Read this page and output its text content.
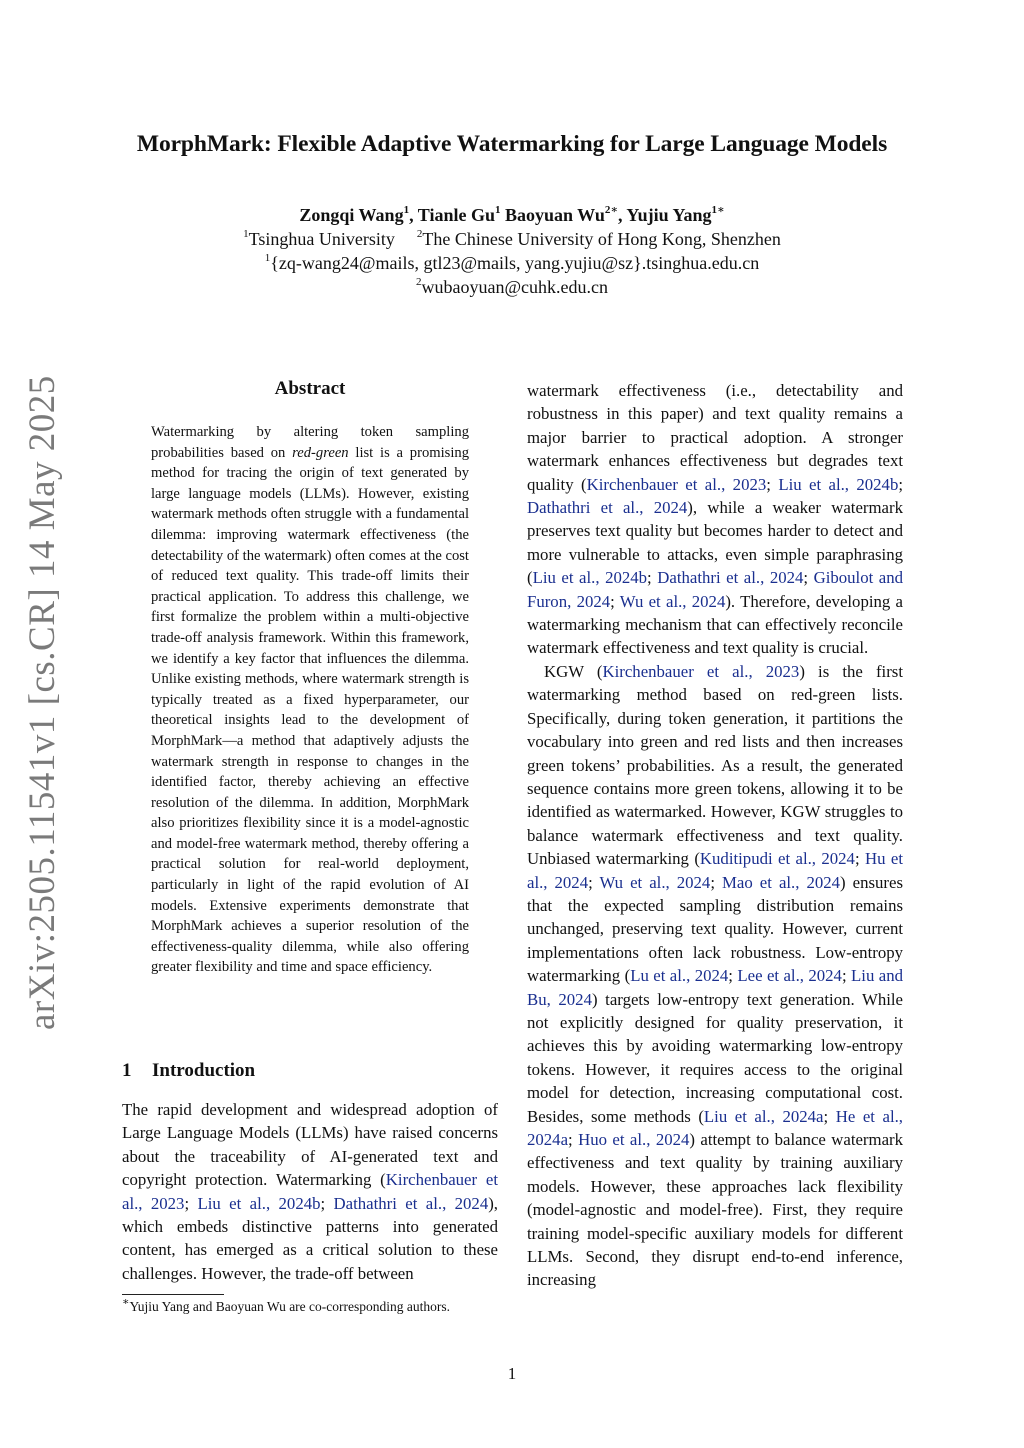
arXiv:2505.11541v1 [cs.CR] 14 May 2025
MorphMark: Flexible Adaptive Watermarking for Large Language Models
Zongqi Wang$^1$, Tianle Gu$^1$ Baoyuan $Wu^{2∗}$, Yujiu Yang$^{1∗}$
$^1$Tsinghua University $^2$The Chinese University of Hong Kong, Shenzhen
$^1${zq-wang24@mails, gtl23@mails, yang.yujiu@sz}.tsinghua.edu.cn
$^2$wubaoyuan@cuhk.edu.cn
Abstract
Watermarking by altering token sampling probabilities based on red-green list is a promising method for tracing the origin of text generated by large language models (LLMs). However, existing watermark methods often struggle with a fundamental dilemma: improving watermark effectiveness (the detectability of the watermark) often comes at the cost of reduced text quality. This trade-off limits their practical application. To address this challenge, we first formalize the problem within a multi-objective trade-off analysis framework. Within this framework, we identify a key factor that influences the dilemma. Unlike existing methods, where watermark strength is typically treated as a fixed hyperparameter, our theoretical insights lead to the development of MorphMark—a method that adaptively adjusts the watermark strength in response to changes in the identified factor, thereby achieving an effective resolution of the dilemma. In addition, MorphMark also prioritizes flexibility since it is a model-agnostic and model-free watermark method, thereby offering a practical solution for real-world deployment, particularly in light of the rapid evolution of AI models. Extensive experiments demonstrate that MorphMark achieves a superior resolution of the effectiveness-quality dilemma, while also offering greater flexibility and time and space efficiency.
1 Introduction

The rapid development and widespread adoption of Large Language Models (LLMs) have raised concerns about the traceability of AI-generated text and copyright protection. Watermarking (Kirchenbauer et al., 2023; Liu et al., 2024b; Dathathri et al., 2024), which embeds distinctive patterns into generated content, has emerged as a critical solution to these challenges. However, the trade-off between

watermark effectiveness (i.e., detectability and robustness in this paper) and text quality remains a major barrier to practical adoption. A stronger watermark enhances effectiveness but degrades text quality (Kirchenbauer et al., 2023; Liu et al., 2024b; Dathathri et al., 2024), while a weaker watermark preserves text quality but becomes harder to detect and more vulnerable to attacks, even simple paraphrasing (Liu et al., 2024b; Dathathri et al., 2024; Giboulot and Furon, 2024; Wu et al., 2024). Therefore, developing a watermarking mechanism that can effectively reconcile watermark effectiveness and text quality is crucial.

KGW (Kirchenbauer et al., 2023) is the first watermarking method based on red-green lists. Specifically, during token generation, it partitions the vocabulary into green and red lists and then increases green tokens’ probabilities. As a result, the generated sequence contains more green tokens, allowing it to be identified as watermarked. However, KGW struggles to balance watermark effectiveness and text quality. Unbiased watermarking (Kuditipudi et al., 2024; Hu et al., 2024; Wu et al., 2024; Mao et al., 2024) ensures that the expected sampling distribution remains unchanged, preserving text quality. However, current implementations often lack robustness. Low-entropy watermarking (Lu et al., 2024; Lee et al., 2024; Liu and Bu, 2024) targets low-entropy text generation. While not explicitly designed for quality preservation, it achieves this by avoiding watermarking low-entropy tokens. However, it requires access to the original model for detection, increasing computational cost. Besides, some methods (Liu et al., 2024a; He et al., 2024a; Huo et al., 2024) attempt to balance watermark effectiveness and text quality by training auxiliary models. However, these approaches lack flexibility (model-agnostic and model-free). First, they require training model-specific auxiliary models for different LLMs. Second, they disrupt end-to-end inference, increasing

∗Yujiu Yang and Baoyuan Wu are co-corresponding authors.
1
